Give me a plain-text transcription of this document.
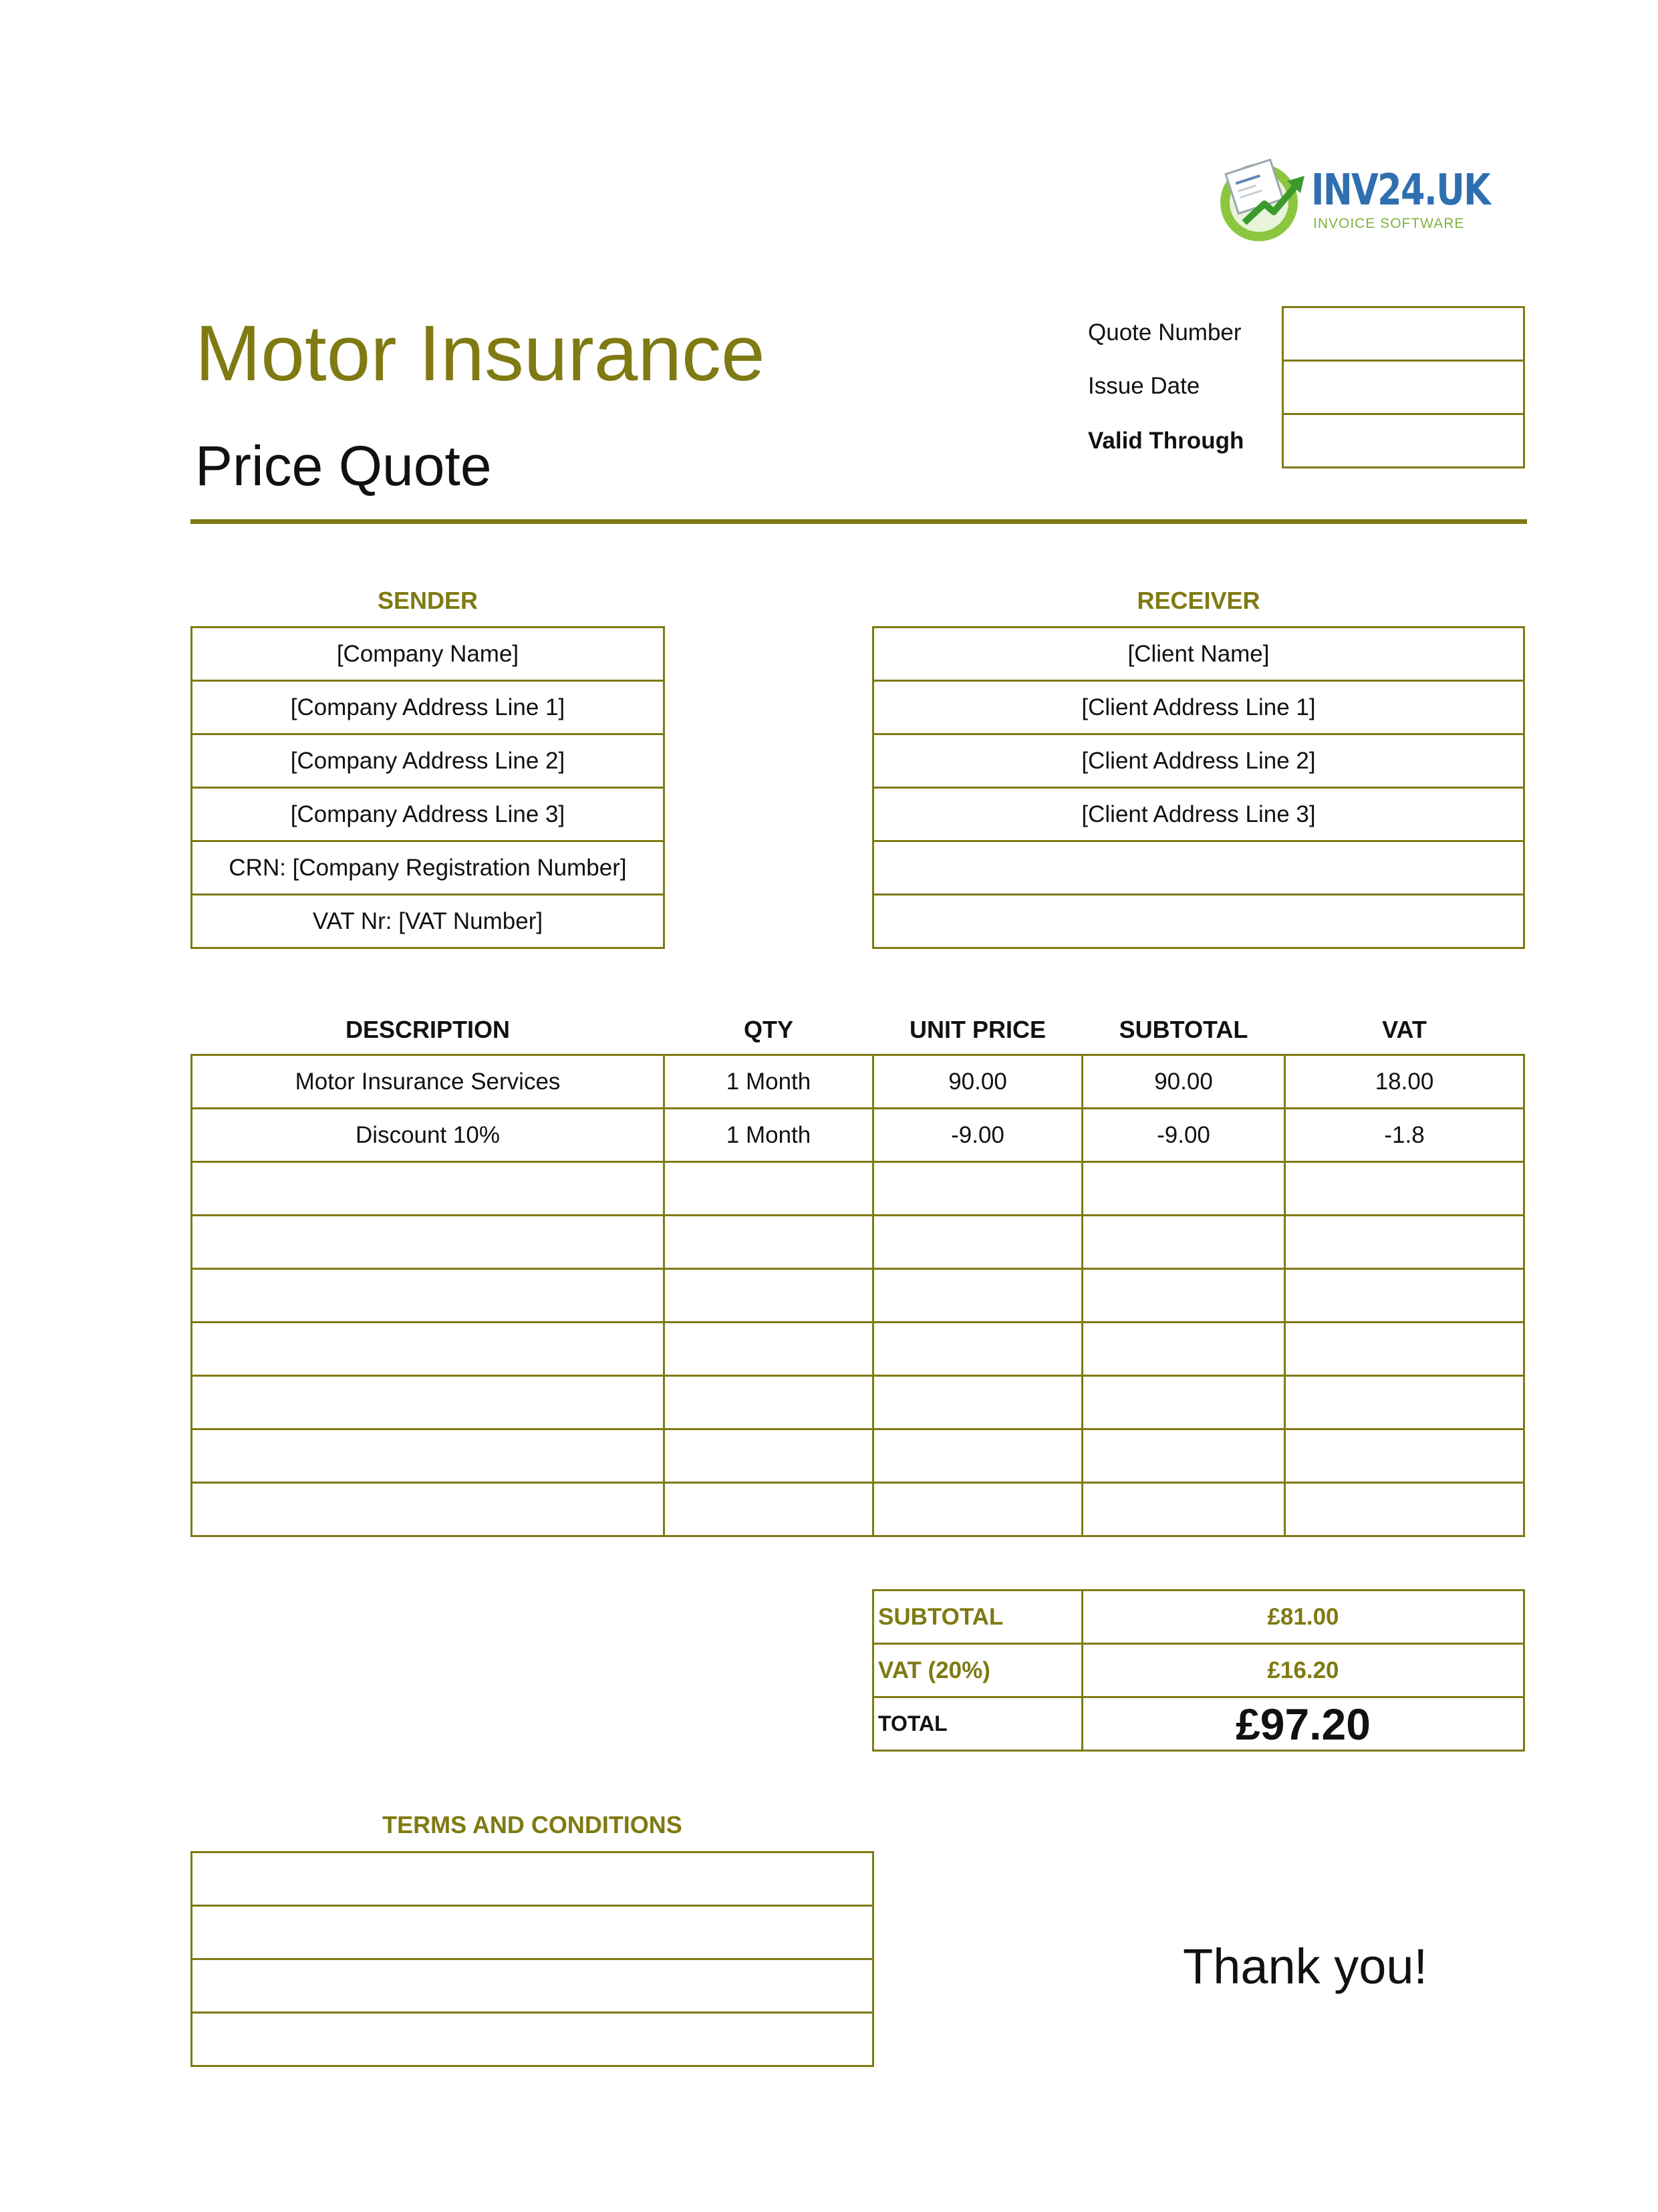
INV24.UK
INVOICE SOFTWARE
Motor Insurance
Price Quote
Quote Number
Issue Date
Valid Through
SENDER	RECEIVER
[Company Name]
[Company Address Line 1]
[Company Address Line 2]
[Company Address Line 3]
CRN: [Company Registration Number]
VAT Nr: [VAT Number]
[Client Name]
[Client Address Line 1]
[Client Address Line 2]
[Client Address Line 3]
DESCRIPTION	QTY	UNIT PRICE	SUBTOTAL	VAT
Motor Insurance Services	1 Month	90.00	90.00	18.00
Discount 10%	1 Month	-9.00	-9.00	-1.8
SUBTOTAL	£81.00
VAT (20%)	£16.20
TOTAL	£97.20
TERMS AND CONDITIONS
Thank you!
